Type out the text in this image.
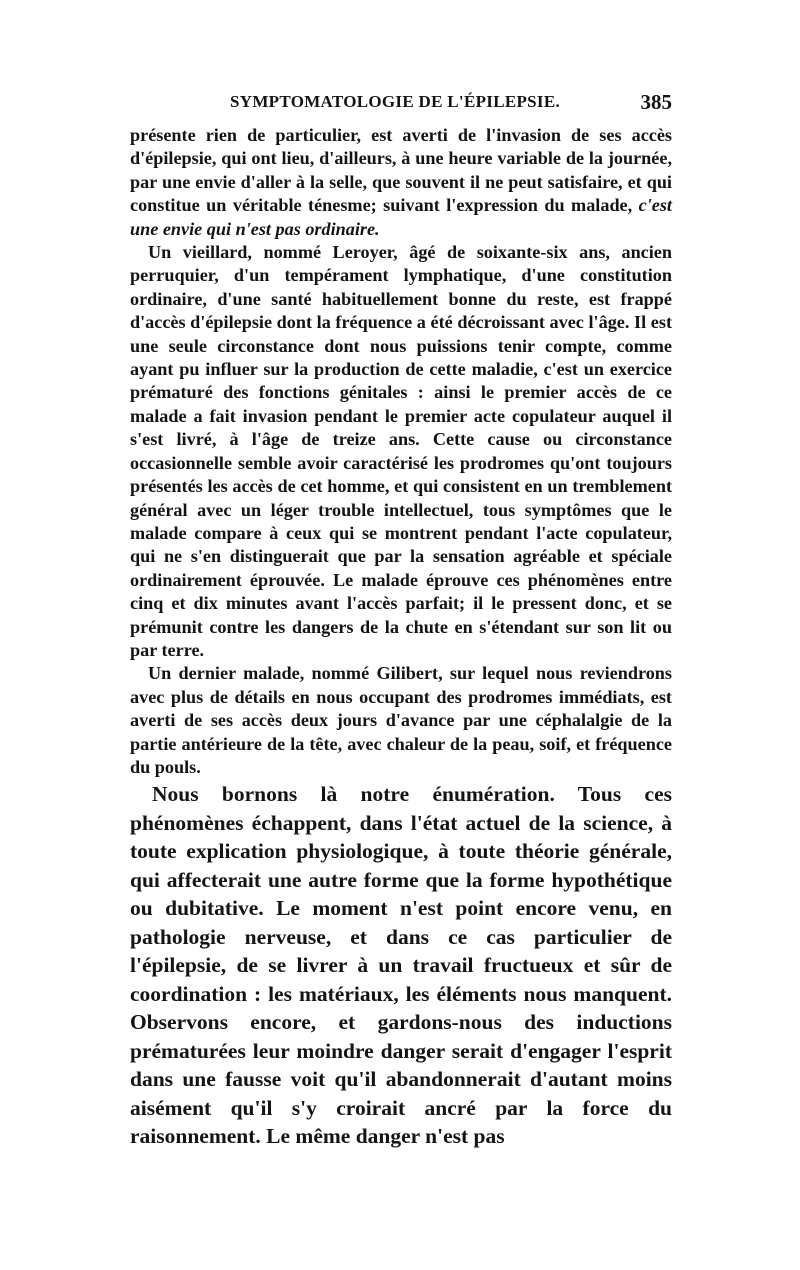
SYMPTOMATOLOGIE DE L'ÉPILEPSIE.	385

présente rien de particulier, est averti de l'invasion de ses accès d'épilepsie, qui ont lieu, d'ailleurs, à une heure variable de la journée, par une envie d'aller à la selle, que souvent il ne peut satisfaire, et qui constitue un véritable ténesme; suivant l'expression du malade, c'est une envie qui n'est pas ordinaire.

Un vieillard, nommé Leroyer, âgé de soixante-six ans, ancien perruquier, d'un tempérament lymphatique, d'une constitution ordinaire, d'une santé habituellement bonne du reste, est frappé d'accès d'épilepsie dont la fréquence a été décroissant avec l'âge. Il est une seule circonstance dont nous puissions tenir compte, comme ayant pu influer sur la production de cette maladie, c'est un exercice prématuré des fonctions génitales : ainsi le premier accès de ce malade a fait invasion pendant le premier acte copulateur auquel il s'est livré, à l'âge de treize ans. Cette cause ou circonstance occasionnelle semble avoir caractérisé les prodromes qu'ont toujours présentés les accès de cet homme, et qui consistent en un tremblement général avec un léger trouble intellectuel, tous symptômes que le malade compare à ceux qui se montrent pendant l'acte copulateur, qui ne s'en distinguerait que par la sensation agréable et spéciale ordinairement éprouvée. Le malade éprouve ces phénomènes entre cinq et dix minutes avant l'accès parfait; il le pressent donc, et se prémunit contre les dangers de la chute en s'étendant sur son lit ou par terre.

Un dernier malade, nommé Gilibert, sur lequel nous reviendrons avec plus de détails en nous occupant des prodromes immédiats, est averti de ses accès deux jours d'avance par une céphalalgie de la partie antérieure de la tête, avec chaleur de la peau, soif, et fréquence du pouls.

Nous bornons là notre énumération. Tous ces phénomènes échappent, dans l'état actuel de la science, à toute explication physiologique, à toute théorie générale, qui affecterait une autre forme que la forme hypothétique ou dubitative. Le moment n'est point encore venu, en pathologie nerveuse, et dans ce cas particulier de l'épilepsie, de se livrer à un travail fructueux et sûr de coordination : les matériaux, les éléments nous manquent. Observons encore, et gardons-nous des inductions prématurées leur moindre danger serait d'engager l'esprit dans une fausse voit qu'il abandonnerait d'autant moins aisément qu'il s'y croirait ancré par la force du raisonnement. Le même danger n'est pas
